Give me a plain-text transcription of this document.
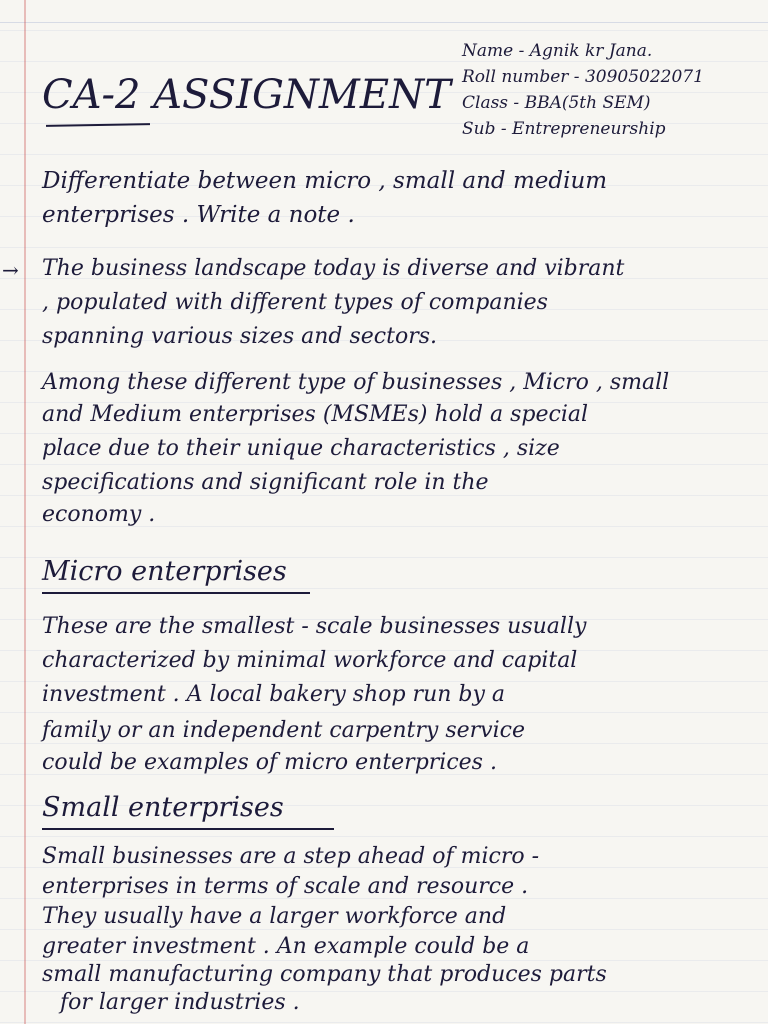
CA-2 ASSIGNMENT
Name - Agnik kr Jana.
Roll number - 30905022071
Class - BBA(5th SEM)
Sub - Entrepreneurship
Differentiate between micro , small and medium
enterprises . Write a note .
→ The business landscape today is diverse and vibrant
, populated with different types of companies
spanning various sizes and sectors.
Among these different type of businesses , Micro , small
and Medium enterprises (MSMEs) hold a special
place due to their unique characteristics , size
specifications and significant role in the
economy .
Micro enterprises
These are the smallest - scale businesses usually
characterized by minimal workforce and capital
investment . A local bakery shop run by a
family or an independent carpentry service
could be examples of micro enterprices .
Small enterprises
Small businesses are a step ahead of micro -
enterprises in terms of scale and resource .
They usually have a larger workforce and
greater investment . An example could be a
small manufacturing company that produces parts
for larger industries .
